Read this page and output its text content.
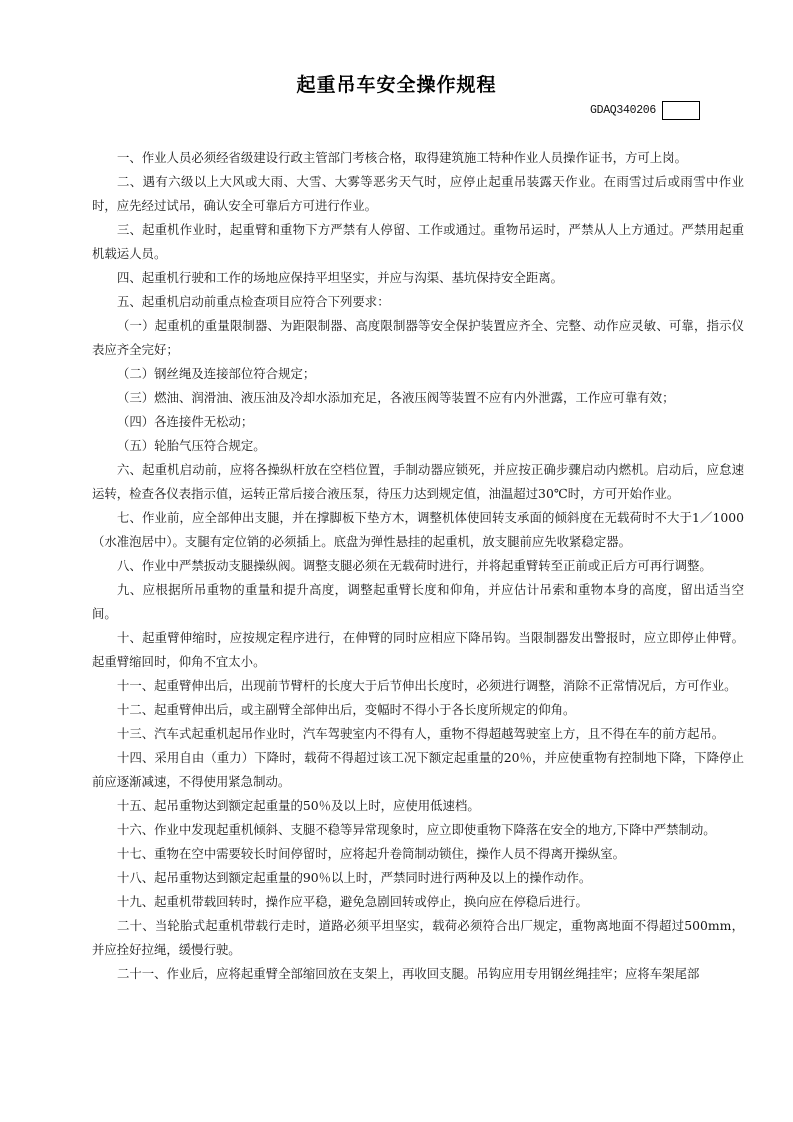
起重吊车安全操作规程
GDAQ340206

一、作业人员必须经省级建设行政主管部门考核合格，取得建筑施工特种作业人员操作证书，方可上岗。

二、遇有六级以上大风或大雨、大雪、大雾等恶劣天气时，应停止起重吊装露天作业。在雨雪过后或雨雪中作业时，应先经过试吊，确认安全可靠后方可进行作业。

三、起重机作业时，起重臂和重物下方严禁有人停留、工作或通过。重物吊运时，严禁从人上方通过。严禁用起重机载运人员。

四、起重机行驶和工作的场地应保持平坦坚实，并应与沟渠、基坑保持安全距离。

五、起重机启动前重点检查项目应符合下列要求：

（一）起重机的重量限制器、为距限制器、高度限制器等安全保护装置应齐全、完整、动作应灵敏、可靠，指示仪表应齐全完好；

（二）钢丝绳及连接部位符合规定；

（三）燃油、润滑油、液压油及冷却水添加充足，各液压阀等装置不应有内外泄露，工作应可靠有效；

（四）各连接件无松动；

（五）轮胎气压符合规定。

六、起重机启动前，应将各操纵杆放在空档位置，手制动器应锁死，并应按正确步骤启动内燃机。启动后，应怠速运转，检查各仪表指示值，运转正常后接合液压泵，待压力达到规定值，油温超过30℃时，方可开始作业。

七、作业前，应全部伸出支腿，并在撑脚板下垫方木，调整机体使回转支承面的倾斜度在无载荷时不大于1／1000（水准泡居中）。支腿有定位销的必须插上。底盘为弹性悬挂的起重机，放支腿前应先收紧稳定器。

八、作业中严禁扳动支腿操纵阀。调整支腿必须在无载荷时进行，并将起重臂转至正前或正后方可再行调整。

九、应根据所吊重物的重量和提升高度，调整起重臂长度和仰角，并应估计吊索和重物本身的高度，留出适当空间。

十、起重臂伸缩时，应按规定程序进行，在伸臂的同时应相应下降吊钩。当限制器发出警报时，应立即停止伸臂。起重臂缩回时，仰角不宜太小。

十一、起重臂伸出后，出现前节臂杆的长度大于后节伸出长度时，必须进行调整，消除不正常情况后，方可作业。

十二、起重臂伸出后，或主副臂全部伸出后，变幅时不得小于各长度所规定的仰角。

十三、汽车式起重机起吊作业时，汽车驾驶室内不得有人，重物不得超越驾驶室上方，且不得在车的前方起吊。

十四、采用自由（重力）下降时，载荷不得超过该工况下额定起重量的20％，并应使重物有控制地下降，下降停止前应逐渐减速，不得使用紧急制动。

十五、起吊重物达到额定起重量的50％及以上时，应使用低速档。

十六、作业中发现起重机倾斜、支腿不稳等异常现象时，应立即使重物下降落在安全的地方,下降中严禁制动。

十七、重物在空中需要较长时间停留时，应将起升卷筒制动锁住，操作人员不得离开操纵室。

十八、起吊重物达到额定起重量的90％以上时，严禁同时进行两种及以上的操作动作。

十九、起重机带载回转时，操作应平稳，避免急剧回转或停止，换向应在停稳后进行。

二十、当轮胎式起重机带载行走时，道路必须平坦坚实，载荷必须符合出厂规定，重物离地面不得超过500mm，并应拴好拉绳，缓慢行驶。

二十一、作业后，应将起重臂全部缩回放在支架上，再收回支腿。吊钩应用专用钢丝绳挂牢；应将车架尾部
